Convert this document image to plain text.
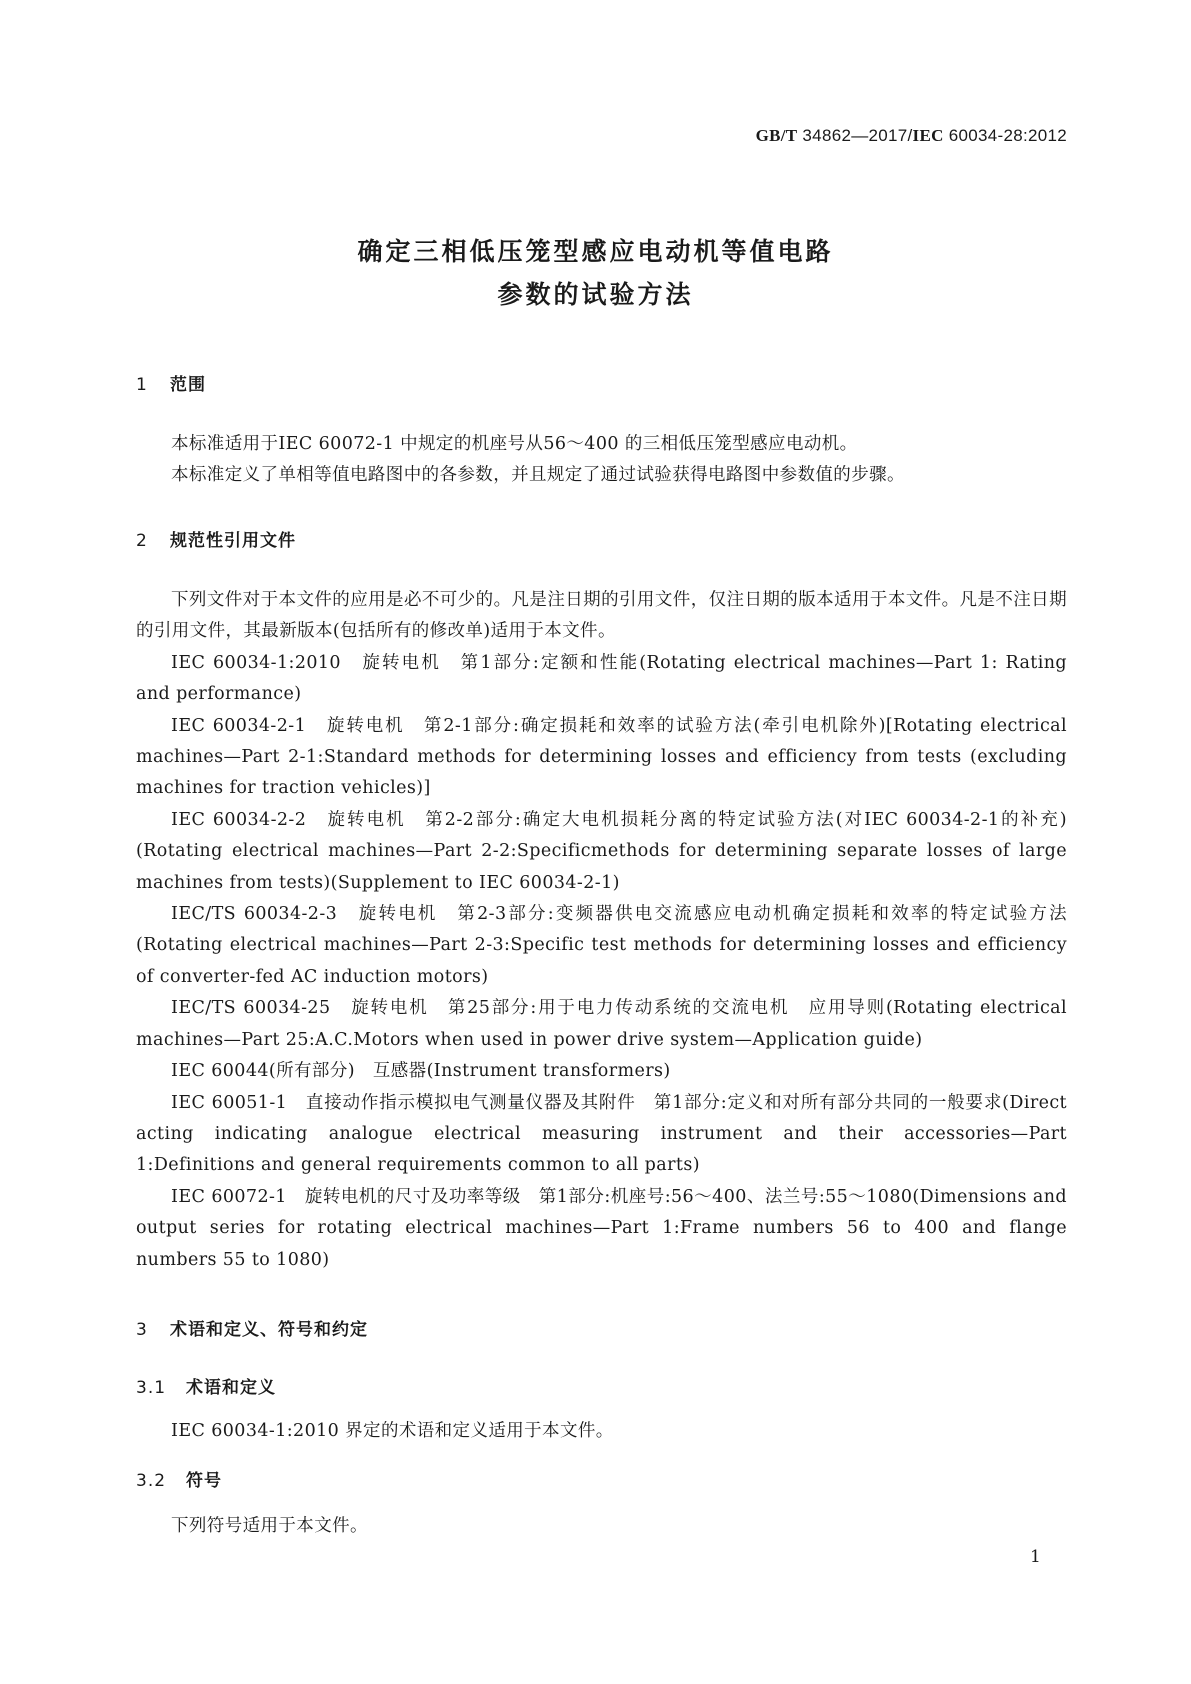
GB/T 34862—2017/IEC 60034-28:2012
确定三相低压笼型感应电动机等值电路
参数的试验方法
1 范围

本标准适用于IEC 60072-1 中规定的机座号从56～400 的三相低压笼型感应电动机。

本标准定义了单相等值电路图中的各参数，并且规定了通过试验获得电路图中参数值的步骤。

2 规范性引用文件

下列文件对于本文件的应用是必不可少的。凡是注日期的引用文件，仅注日期的版本适用于本文件。凡是不注日期的引用文件，其最新版本(包括所有的修改单)适用于本文件。

IEC 60034-1:2010　旋转电机　第1部分:定额和性能(Rotating electrical machines—Part 1: Rating and performance)

IEC 60034-2-1　旋转电机　第2-1部分:确定损耗和效率的试验方法(牵引电机除外)[Rotating electrical machines—Part 2-1:Standard methods for determining losses and efficiency from tests (excluding machines for traction vehicles)]

IEC 60034-2-2　旋转电机　第2-2部分:确定大电机损耗分离的特定试验方法(对IEC 60034-2-1的补充)(Rotating electrical machines—Part 2-2:Specificmethods for determining separate losses of large machines from tests)(Supplement to IEC 60034-2-1)

IEC/TS 60034-2-3　旋转电机　第2-3部分:变频器供电交流感应电动机确定损耗和效率的特定试验方法(Rotating electrical machines—Part 2-3:Specific test methods for determining losses and efficiency of converter-fed AC induction motors)

IEC/TS 60034-25　旋转电机　第25部分:用于电力传动系统的交流电机　应用导则(Rotating electrical machines—Part 25:A.C.Motors when used in power drive system—Application guide)

IEC 60044(所有部分)　互感器(Instrument transformers)

IEC 60051-1　直接动作指示模拟电气测量仪器及其附件　第1部分:定义和对所有部分共同的一般要求(Direct acting indicating analogue electrical measuring instrument and their accessories—Part 1:Definitions and general requirements common to all parts)

IEC 60072-1　旋转电机的尺寸及功率等级　第1部分:机座号:56～400、法兰号:55～1080(Dimensions and output series for rotating electrical machines—Part 1:Frame numbers 56 to 400 and flange numbers 55 to 1080)

3 术语和定义、符号和约定
3.1 术语和定义

IEC 60034-1:2010 界定的术语和定义适用于本文件。

3.2 符号

下列符号适用于本文件。

1
